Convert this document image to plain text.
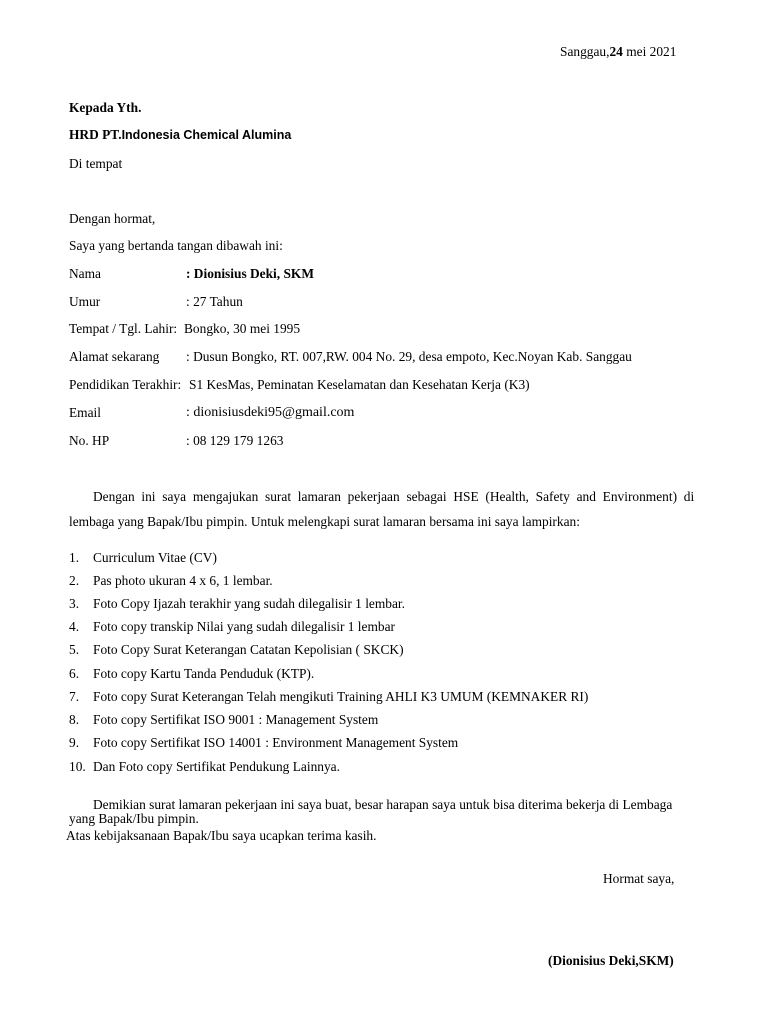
Sanggau,24 mei 2021
Kepada Yth.
HRD PT.Indonesia Chemical Alumina
Di tempat
Dengan hormat,
Saya yang bertanda tangan dibawah ini:
Nama	: Dionisius Deki, SKM
Umur	: 27 Tahun
Tempat / Tgl. Lahir: Bongko, 30 mei 1995
Alamat sekarang : Dusun Bongko, RT. 007,RW. 004 No. 29, desa empoto, Kec.Noyan Kab. Sanggau
Pendidikan Terakhir: S1 KesMas, Peminatan Keselamatan dan Kesehatan Kerja (K3)
Email	: dionisiusdeki95@gmail.com
No. HP	: 08 129 179 1263
Dengan ini saya mengajukan surat lamaran pekerjaan sebagai HSE (Health, Safety and Environment) di
lembaga yang Bapak/Ibu pimpin. Untuk melengkapi surat lamaran bersama ini saya lampirkan:
1. Curriculum Vitae (CV)
2. Pas photo ukuran 4 x 6, 1 lembar.
3. Foto Copy Ijazah terakhir yang sudah dilegalisir 1 lembar.
4. Foto copy transkip Nilai yang sudah dilegalisir 1 lembar
5. Foto Copy Surat Keterangan Catatan Kepolisian ( SKCK)
6. Foto copy Kartu Tanda Penduduk (KTP).
7. Foto copy Surat Keterangan Telah mengikuti Training AHLI K3 UMUM (KEMNAKER RI)
8. Foto copy Sertifikat ISO 9001 : Management System
9. Foto copy Sertifikat ISO 14001 : Environment Management System
10. Dan Foto copy Sertifikat Pendukung Lainnya.
Demikian surat lamaran pekerjaan ini saya buat, besar harapan saya untuk bisa diterima bekerja di Lembaga
yang Bapak/Ibu pimpin.
Atas kebijaksanaan Bapak/Ibu saya ucapkan terima kasih.
Hormat saya,
(Dionisius Deki,SKM)
